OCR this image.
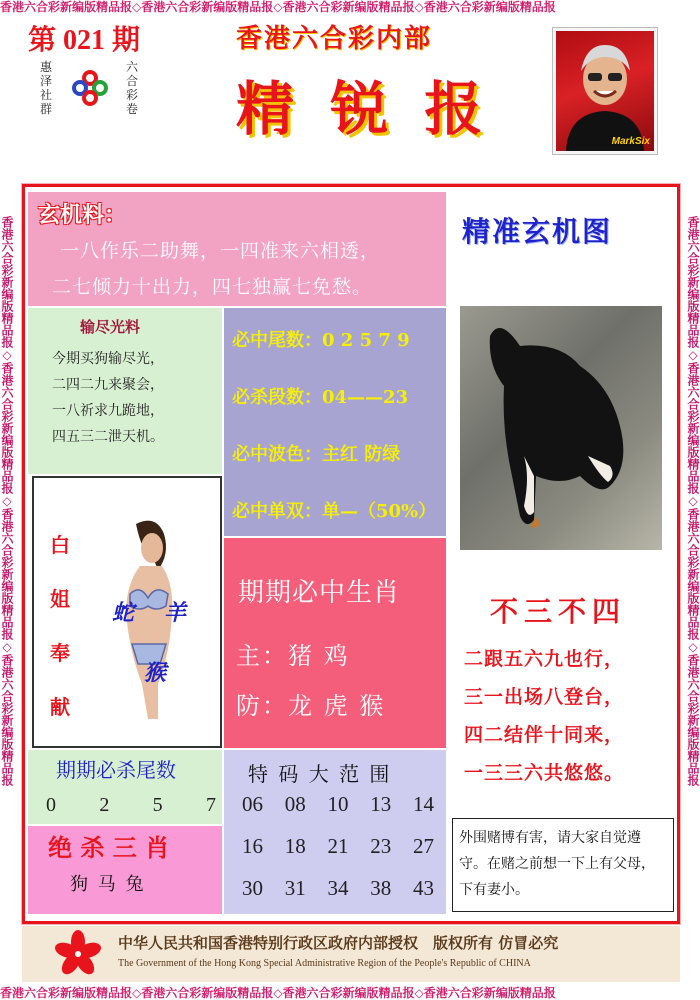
香港六合彩新编版精品报◇香港六合彩新编版精品报◇香港六合彩新编版精品报◇香港六合彩新编版精品报
香港六合彩新编版精品报◇香港六合彩新编版精品报◇香港六合彩新编版精品报◇香港六合彩新编版精品报
香港六合彩新编版精品报◇香港六合彩新编版精品报◇香港六合彩新编版精品报◇香港六合彩新编版精品报	香港六合彩新编版精品报◇香港六合彩新编版精品报◇香港六合彩新编版精品报◇香港六合彩新编版精品报
第 021 期
惠
泽
社
群
六
合
彩
卷
香港六合彩内部
精 锐 报	MarkSix
玄机料：
一八作乐二助舞，一四准来六相透，
二七倾力十出力，四七独赢七免愁。
输尽光料
今期买狗输尽光，
二四二九来聚会，
一八祈求九跪地，
四五三二泄天机。
必中尾数：0 2 5 7 9
必杀段数：04——23
必中波色：主红 防绿
必中单双：单—（50%）
白
姐
奉
献
蛇 羊
猴
期期必中生肖
主：猪 鸡
防：龙 虎 猴
期期必杀尾数
0 2 5 7
绝 杀 三 肖
狗 马 兔
特 码 大 范 围
06 08 10 13 14
16 18 21 23 27
30 31 34 38 43
精准玄机图
不三不四
二跟五六九也行，
三一出场八登台，
四二结伴十同来，
一三三六共悠悠。
外围赌博有害，请大家自觉遵守。在赌之前想一下上有父母，下有妻小。
中华人民共和国香港特别行政区政府内部授权　版权所有 仿冒必究
The Government of the Hong Kong Special Administrative Region of the People's Republic of CHINA
